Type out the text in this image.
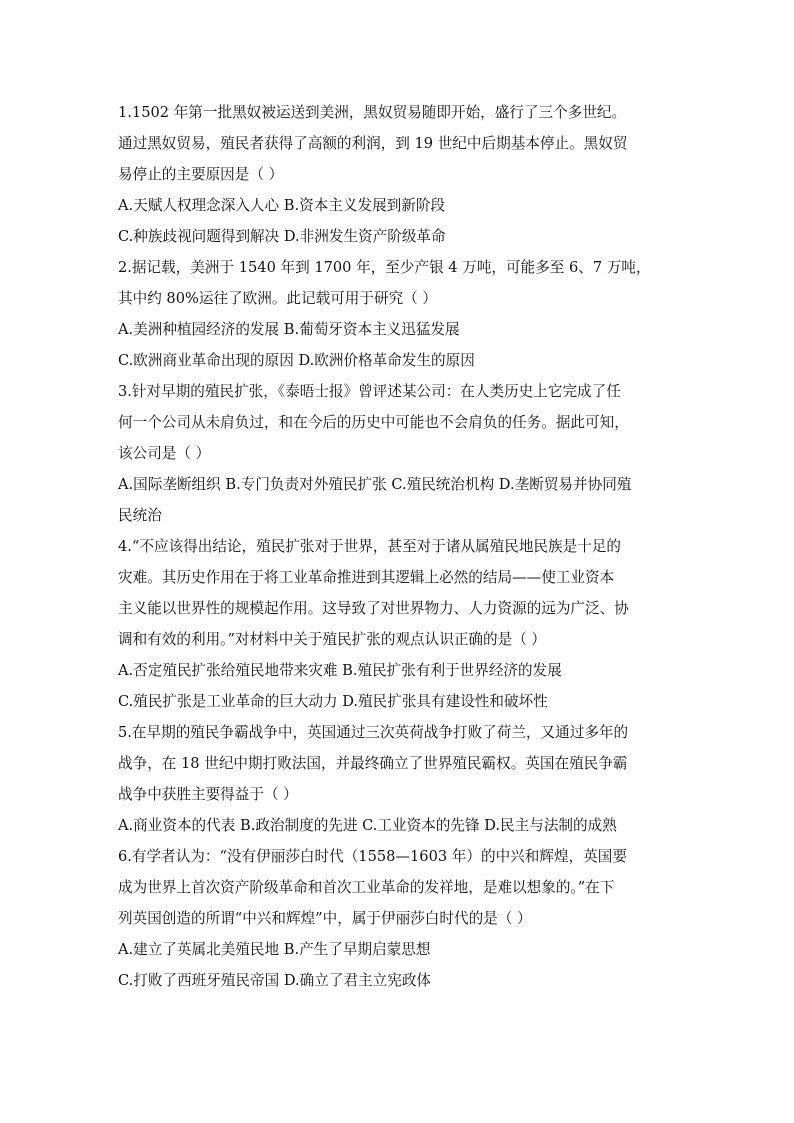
1.1502 年第一批黑奴被运送到美洲，黑奴贸易随即开始，盛行了三个多世纪。
通过黑奴贸易，殖民者获得了高额的利润，到 19 世纪中后期基本停止。黑奴贸
易停止的主要原因是（ ）
A.天赋人权理念深入人心 B.资本主义发展到新阶段
C.种族歧视问题得到解决 D.非洲发生资产阶级革命
2.据记载，美洲于 1540 年到 1700 年，至少产银 4 万吨，可能多至 6、7 万吨，
其中约 80%运往了欧洲。此记载可用于研究（ ）
A.美洲种植园经济的发展 B.葡萄牙资本主义迅猛发展
C.欧洲商业革命出现的原因 D.欧洲价格革命发生的原因
3.针对早期的殖民扩张，《泰晤士报》曾评述某公司：在人类历史上它完成了任
何一个公司从未肩负过，和在今后的历史中可能也不会肩负的任务。据此可知，
该公司是（ ）
A.国际垄断组织 B.专门负责对外殖民扩张 C.殖民统治机构 D.垄断贸易并协同殖
民统治
4.“不应该得出结论，殖民扩张对于世界，甚至对于诸从属殖民地民族是十足的
灾难。其历史作用在于将工业革命推进到其逻辑上必然的结局——使工业资本
主义能以世界性的规模起作用。这导致了对世界物力、人力资源的远为广泛、协
调和有效的利用。”对材料中关于殖民扩张的观点认识正确的是（ ）
A.否定殖民扩张给殖民地带来灾难 B.殖民扩张有利于世界经济的发展
C.殖民扩张是工业革命的巨大动力 D.殖民扩张具有建设性和破坏性
5.在早期的殖民争霸战争中，英国通过三次英荷战争打败了荷兰，又通过多年的
战争，在 18 世纪中期打败法国，并最终确立了世界殖民霸权。英国在殖民争霸
战争中获胜主要得益于（ ）
A.商业资本的代表 B.政治制度的先进 C.工业资本的先锋 D.民主与法制的成熟
6.有学者认为：“没有伊丽莎白时代（1558—1603 年）的中兴和辉煌，英国要
成为世界上首次资产阶级革命和首次工业革命的发祥地，是难以想象的。”在下
列英国创造的所谓“中兴和辉煌”中，属于伊丽莎白时代的是（ ）
A.建立了英属北美殖民地 B.产生了早期启蒙思想
C.打败了西班牙殖民帝国 D.确立了君主立宪政体
